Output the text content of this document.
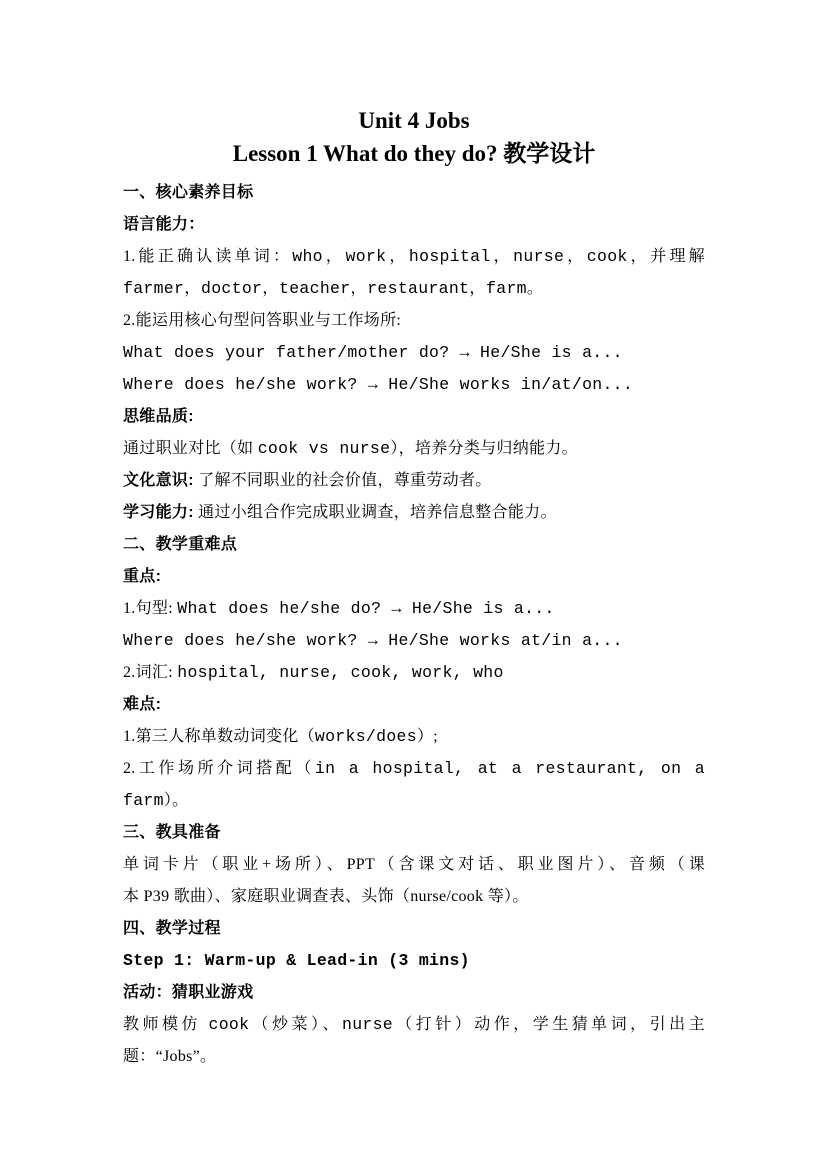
Unit 4 Jobs
Lesson 1 What do they do? 教学设计
一、核心素养目标
语言能力：
1.能正确认读单词：who，work，hospital，nurse，cook，并理解
farmer，doctor，teacher，restaurant，farm。
2.能运用核心句型问答职业与工作场所:
What does your father/mother do? → He/She is a...
Where does he/she work? → He/She works in/at/on...
思维品质:
通过职业对比（如 cook vs nurse），培养分类与归纳能力。
文化意识: 了解不同职业的社会价值，尊重劳动者。
学习能力: 通过小组合作完成职业调查，培养信息整合能力。
二、教学重难点
重点:
1.句型: What does he/she do? → He/She is a...
Where does he/she work? → He/She works at/in a...
2.词汇: hospital, nurse, cook, work, who
难点:
1.第三人称单数动词变化（works/does）;
2.工作场所介词搭配（in a hospital, at a restaurant, on a
farm）。
三、教具准备
单词卡片（职业+场所）、PPT（含课文对话、职业图片）、音频（课
本 P39 歌曲）、家庭职业调查表、头饰（nurse/cook 等）。
四、教学过程
Step 1: Warm-up & Lead-in (3 mins)
活动：猜职业游戏
教师模仿 cook（炒菜）、nurse（打针）动作，学生猜单词，引出主
题：“Jobs”。
